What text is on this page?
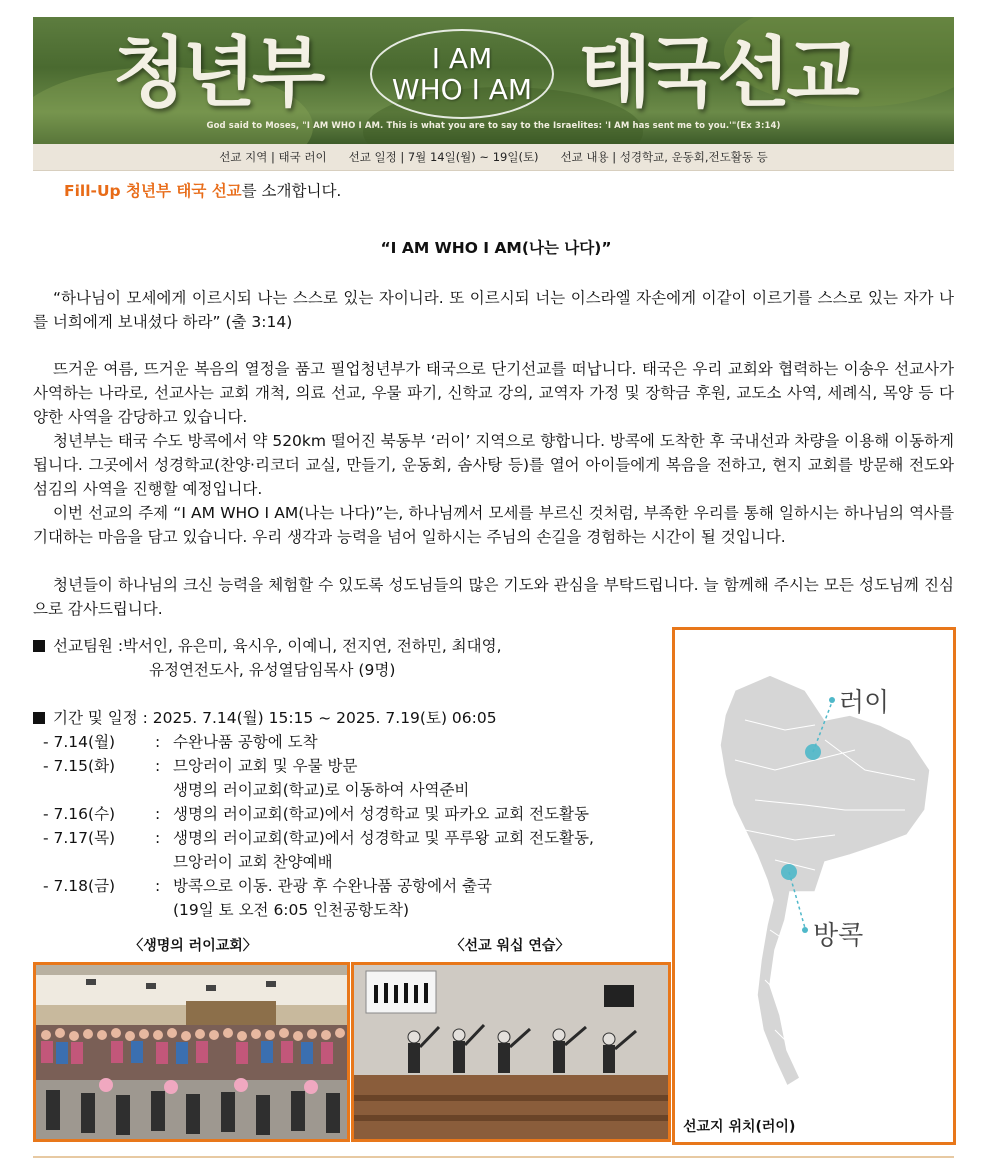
청년부	I AM
WHO I AM 태국선교
God said to Moses, "I AM WHO I AM. This is what you are to say to the Israelites: 'I AM has sent me to you.'"(Ex 3:14)
선교 지역 | 태국 러이 선교 일정 | 7월 14일(월) ~ 19일(토) 선교 내용 | 성경학교, 운동회,전도활동 등
Fill-Up 청년부 태국 선교를 소개합니다.
“I AM WHO I AM(나는 나다)”

“하나님이 모세에게 이르시되 나는 스스로 있는 자이니라. 또 이르시되 너는 이스라엘 자손에게 이같이 이르기를 스스로 있는 자가 나를 너희에게 보내셨다 하라” (출 3:14)

뜨거운 여름, 뜨거운 복음의 열정을 품고 필업청년부가 태국으로 단기선교를 떠납니다. 태국은 우리 교회와 협력하는 이송우 선교사가 사역하는 나라로, 선교사는 교회 개척, 의료 선교, 우물 파기, 신학교 강의, 교역자 가정 및 장학금 후원, 교도소 사역, 세례식, 목양 등 다양한 사역을 감당하고 있습니다.

청년부는 태국 수도 방콕에서 약 520km 떨어진 북동부 ‘러이’ 지역으로 향합니다. 방콕에 도착한 후 국내선과 차량을 이용해 이동하게 됩니다. 그곳에서 성경학교(찬양·리코더 교실, 만들기, 운동회, 솜사탕 등)를 열어 아이들에게 복음을 전하고, 현지 교회를 방문해 전도와 섬김의 사역을 진행할 예정입니다.

이번 선교의 주제 “I AM WHO I AM(나는 나다)”는, 하나님께서 모세를 부르신 것처럼, 부족한 우리를 통해 일하시는 하나님의 역사를 기대하는 마음을 담고 있습니다. 우리 생각과 능력을 넘어 일하시는 주님의 손길을 경험하는 시간이 될 것입니다.

청년들이 하나님의 크신 능력을 체험할 수 있도록 성도님들의 많은 기도와 관심을 부탁드립니다. 늘 함께해 주시는 모든 성도님께 진심으로 감사드립니다.

선교팀원 : 박서인, 유은미, 육시우, 이예니, 전지연, 전하민, 최대영,
유정연전도사, 유성열담임목사 (9명)
기간 및 일정 : 2025. 7.14(월) 15:15 ~ 2025. 7.19(토) 06:05
- 7.14(월)	: 수완나품 공항에 도착
- 7.15(화)	: 므앙러이 교회 및 우물 방문
생명의 러이교회(학교)로 이동하여 사역준비
- 7.16(수)	: 생명의 러이교회(학교)에서 성경학교 및 파카오 교회 전도활동
- 7.17(목)	: 생명의 러이교회(학교)에서 성경학교 및 푸루왕 교회 전도활동,
므앙러이 교회 찬양예배
- 7.18(금)	: 방콕으로 이동. 관광 후 수완나품 공항에서 출국
(19일 토 오전 6:05 인천공항도착)
〈생명의 러이교회〉	〈선교 워십 연습〉
러이
방콕
선교지 위치(러이)
